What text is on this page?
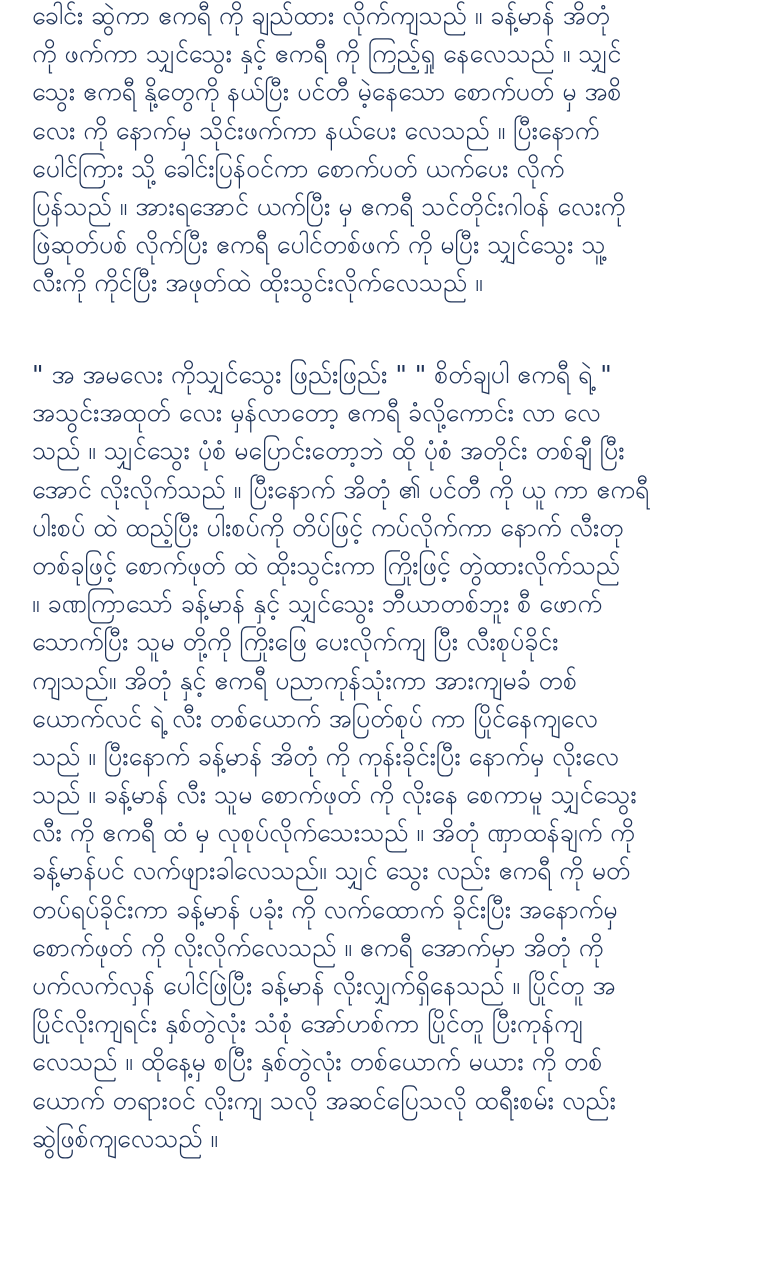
ခေါင်း ဆွဲကာ ဧကရီ ကို ချည်ထား လိုက်ကျသည် ။ ခန့်မာန် အိတုံ
ကို ဖက်ကာ သျှင်သွေး နှင့် ဧကရီ ကို ကြည့်ရှု နေလေသည် ။ သျှင်
သွေး ဧကရီ နို့တွေကို နယ်ပြီး ပင်တီ မဲ့နေသော စောက်ပတ် မှ အစိ
လေး ကို နောက်မှ သိုင်းဖက်ကာ နယ်ပေး လေသည် ။ ပြီးနောက်
ပေါင်ကြား သို့ ခေါင်းပြန်ဝင်ကာ စောက်ပတ် ယက်ပေး လိုက်
ပြန်သည် ။ အားရအောင် ယက်ပြီး မှ ဧကရီ သင်တိုင်းဂါဝန် လေးကို
ဖြဲဆုတ်ပစ် လိုက်ပြီး ဧကရီ ပေါင်တစ်ဖက် ကို မပြီး သျှင်သွေး သူ့
လီးကို ကိုင်ပြီး အဖုတ်ထဲ ထိုးသွင်းလိုက်လေသည် ။
" အ အမလေး ကိုသျှင်သွေး ဖြည်းဖြည်း " " စိတ်ချပါ ဧကရီ ရဲ့ "
အသွင်းအထုတ် လေး မှန်လာတော့ ဧကရီ ခံလို့ကောင်း လာ လေ
သည် ။ သျှင်သွေး ပုံစံ မပြောင်းတော့ဘဲ ထို ပုံစံ အတိုင်း တစ်ချီ ပြီး
အောင် လိုးလိုက်သည် ။ ပြီးနောက် အိတုံ ၏ ပင်တီ ကို ယူ ကာ ဧကရီ
ပါးစပ် ထဲ ထည့်ပြီး ပါးစပ်ကို တိပ်ဖြင့် ကပ်လိုက်ကာ နောက် လီးတု
တစ်ခုဖြင့် စောက်ဖုတ် ထဲ ထိုးသွင်းကာ ကြိုးဖြင့် တွဲထားလိုက်သည်
။ ခဏကြာသော် ခန့်မာန် နှင့် သျှင်သွေး ဘီယာတစ်ဘူး စီ ဖောက်
သောက်ပြီး သူမ တို့ကို ကြိုးဖြေ ပေးလိုက်ကျ ပြီး လီးစုပ်ခိုင်း
ကျသည်။ အိတုံ နှင့် ဧကရီ ပညာကုန်သုံးကာ အားကျမခံ တစ်
ယောက်လင် ရဲ့ လီး တစ်ယောက် အပြတ်စုပ် ကာ ပြိုင်နေကျလေ
သည် ။ ပြီးနောက် ခန့်မာန် အိတုံ ကို ကုန်းခိုင်းပြီး နောက်မှ လိုးလေ
သည် ။ ခန့်မာန် လီး သူမ စောက်ဖုတ် ကို လိုးနေ စေကာမူ သျှင်သွေး
လီး ကို ဧကရီ ထံ မှ လုစုပ်လိုက်သေးသည် ။ အိတုံ ဏှာထန်ချက် ကို
ခန့်မာန်ပင် လက်ဖျားခါလေသည်။ သျှင် သွေး လည်း ဧကရီ ကို မတ်
တပ်ရပ်ခိုင်းကာ ခန့်မာန် ပခုံး ကို လက်ထောက် ခိုင်းပြီး အနောက်မှ
စောက်ဖုတ် ကို လိုးလိုက်လေသည် ။ ဧကရီ အောက်မှာ အိတုံ ကို
ပက်လက်လှန် ပေါင်ဖြဲပြီး ခန့်မာန် လိုးလျှက်ရှိနေသည် ။ ပြိုင်တူ အ
ပြိုင်လိုးကျရင်း နှစ်တွဲလုံး သံစုံ အော်ဟစ်ကာ ပြိုင်တူ ပြီးကုန်ကျ
လေသည် ။ ထိုနေ့မှ စပြီး နှစ်တွဲလုံး တစ်ယောက် မယား ကို တစ်
ယောက် တရားဝင် လိုးကျ သလို အဆင်ပြေသလို ထရီးစမ်း လည်း
ဆွဲဖြစ်ကျလေသည် ။
